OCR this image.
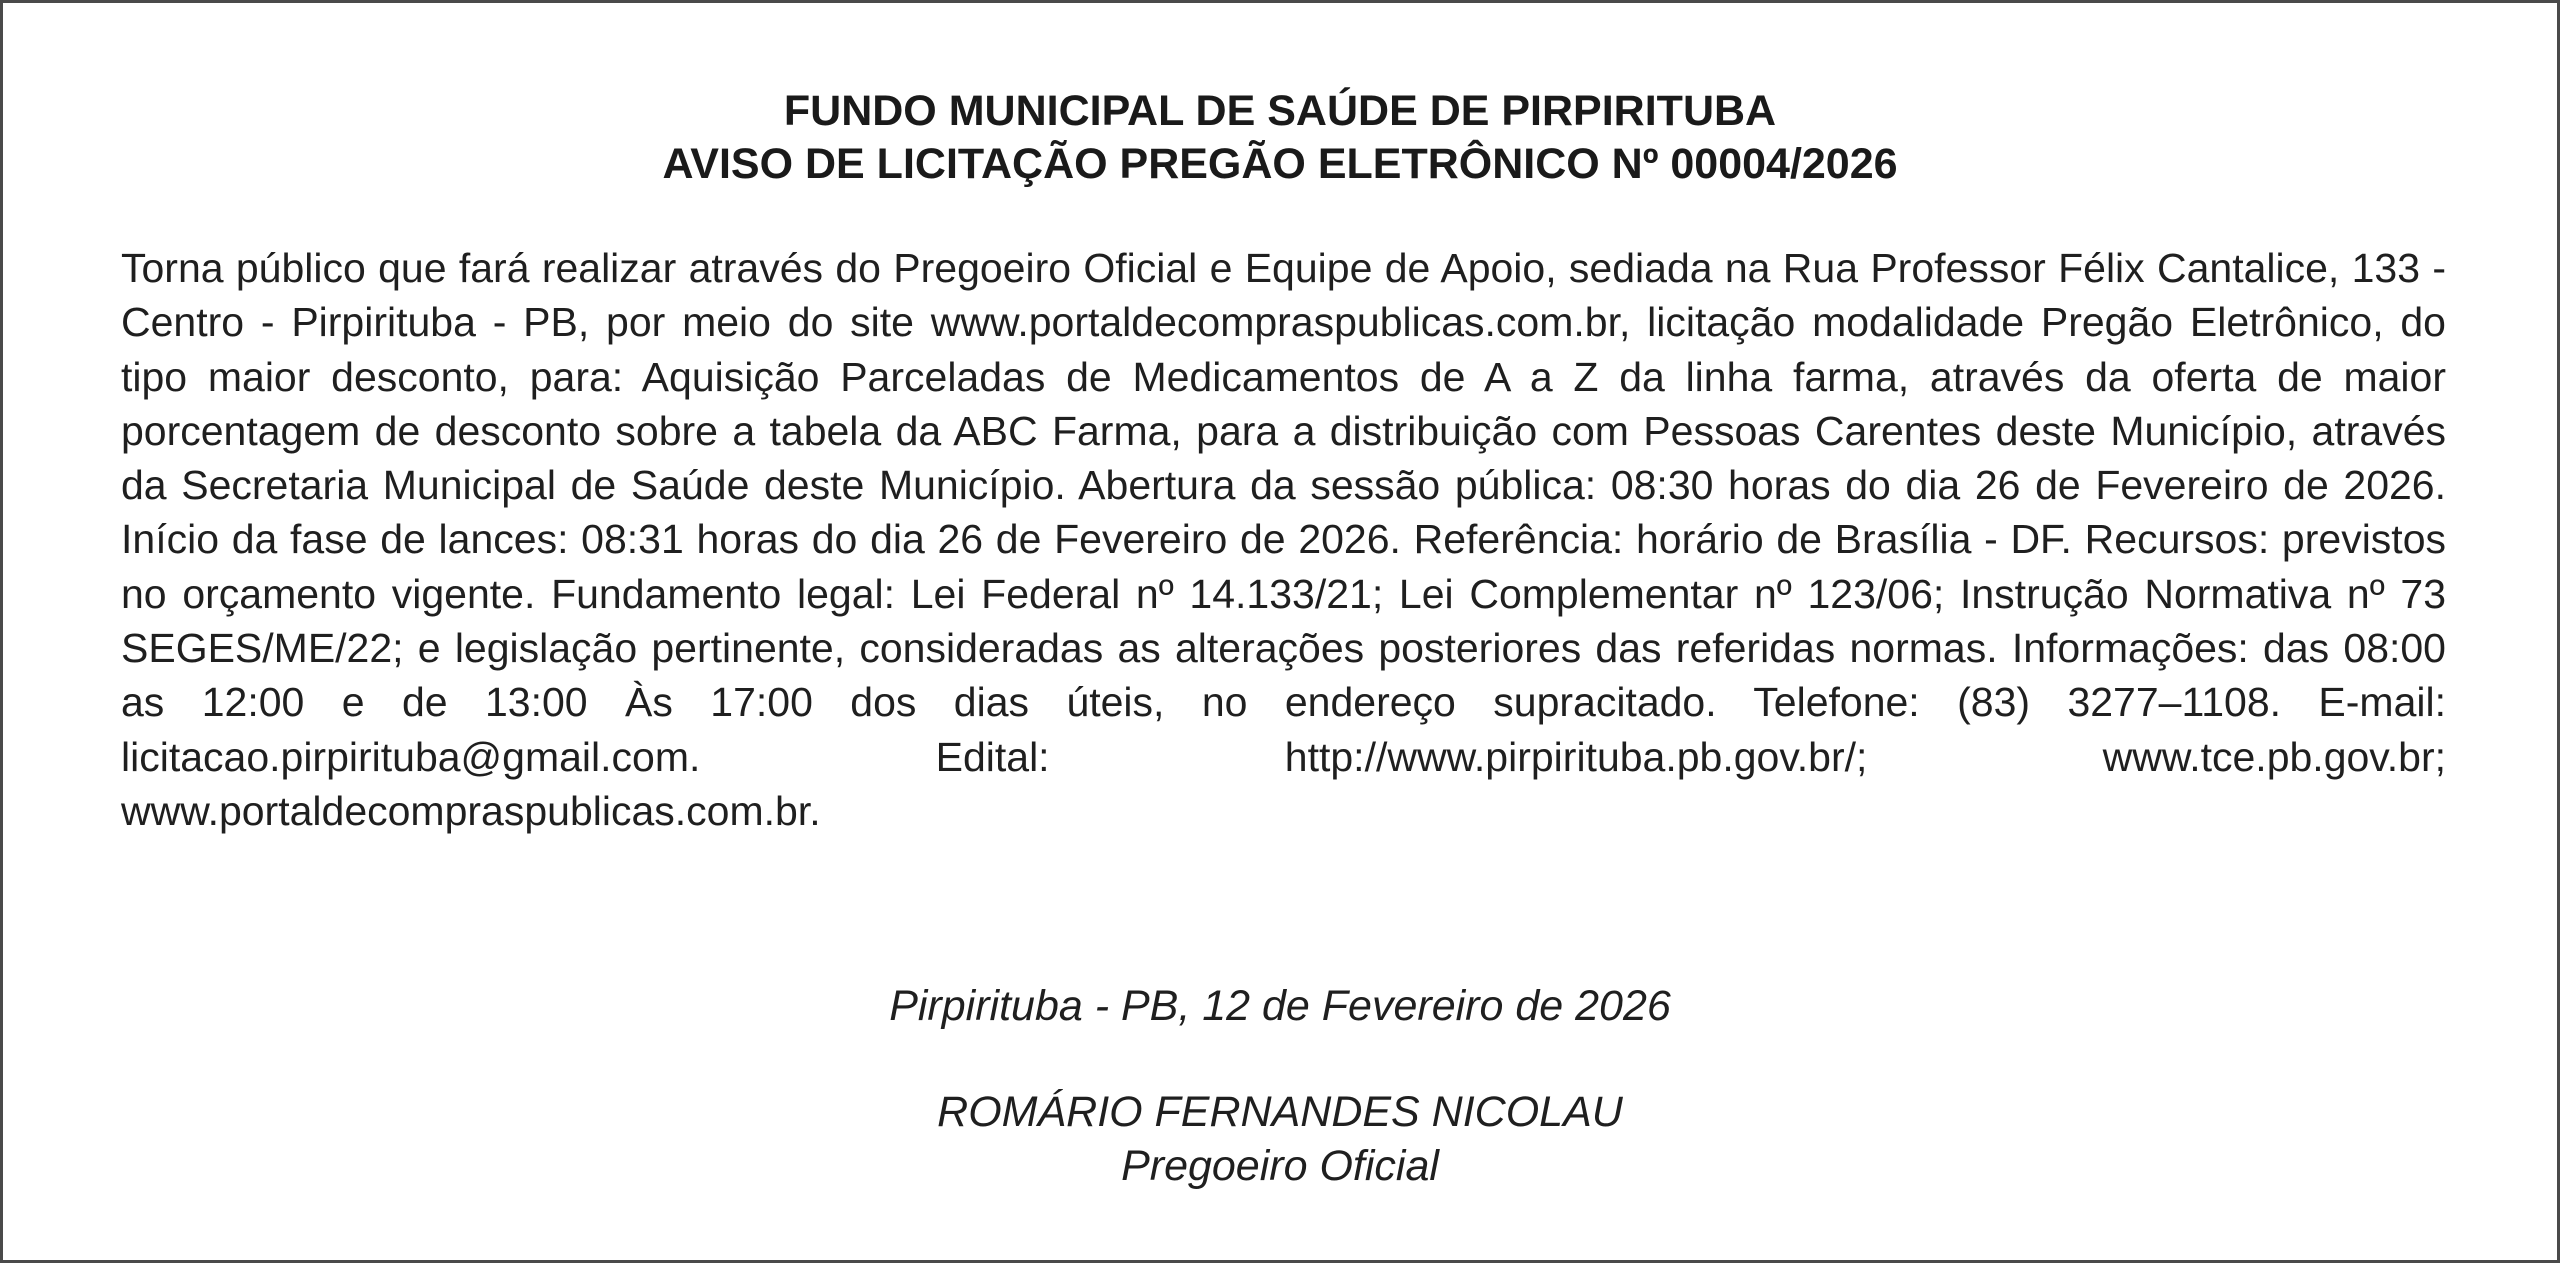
FUNDO MUNICIPAL DE SAÚDE DE PIRPIRITUBA
AVISO DE LICITAÇÃO PREGÃO ELETRÔNICO Nº 00004/2026

Torna público que fará realizar através do Pregoeiro Oficial e Equipe de Apoio, sediada na Rua Professor Félix Cantalice, 133 - Centro - Pirpirituba - PB, por meio do site www.portaldecompraspublicas.com.br, licitação modalidade Pregão Eletrônico, do tipo maior desconto, para: Aquisição Parceladas de Medicamentos de A a Z da linha farma, através da oferta de maior porcentagem de desconto sobre a tabela da ABC Farma, para a distribuição com Pessoas Carentes deste Município, através da Secretaria Municipal de Saúde deste Município. Abertura da sessão pública: 08:30 horas do dia 26 de Fevereiro de 2026. Início da fase de lances: 08:31 horas do dia 26 de Fevereiro de 2026. Referência: horário de Brasília - DF. Recursos: previstos no orçamento vigente. Fundamento legal: Lei Federal nº 14.133/21; Lei Complementar nº 123/06; Instrução Normativa nº 73 SEGES/ME/22; e legislação pertinente, consideradas as alterações posteriores das referidas normas. Informações: das 08:00 as 12:00 e de 13:00 Às 17:00 dos dias úteis, no endereço supracitado. Telefone: (83) 3277–1108. E-mail: licitacao.pirpirituba@gmail.com. Edital: http://www.pirpirituba.pb.gov.br/; www.tce.pb.gov.br; www.portaldecompraspublicas.com.br.

Pirpirituba - PB, 12 de Fevereiro de 2026
ROMÁRIO FERNANDES NICOLAU
Pregoeiro Oficial
